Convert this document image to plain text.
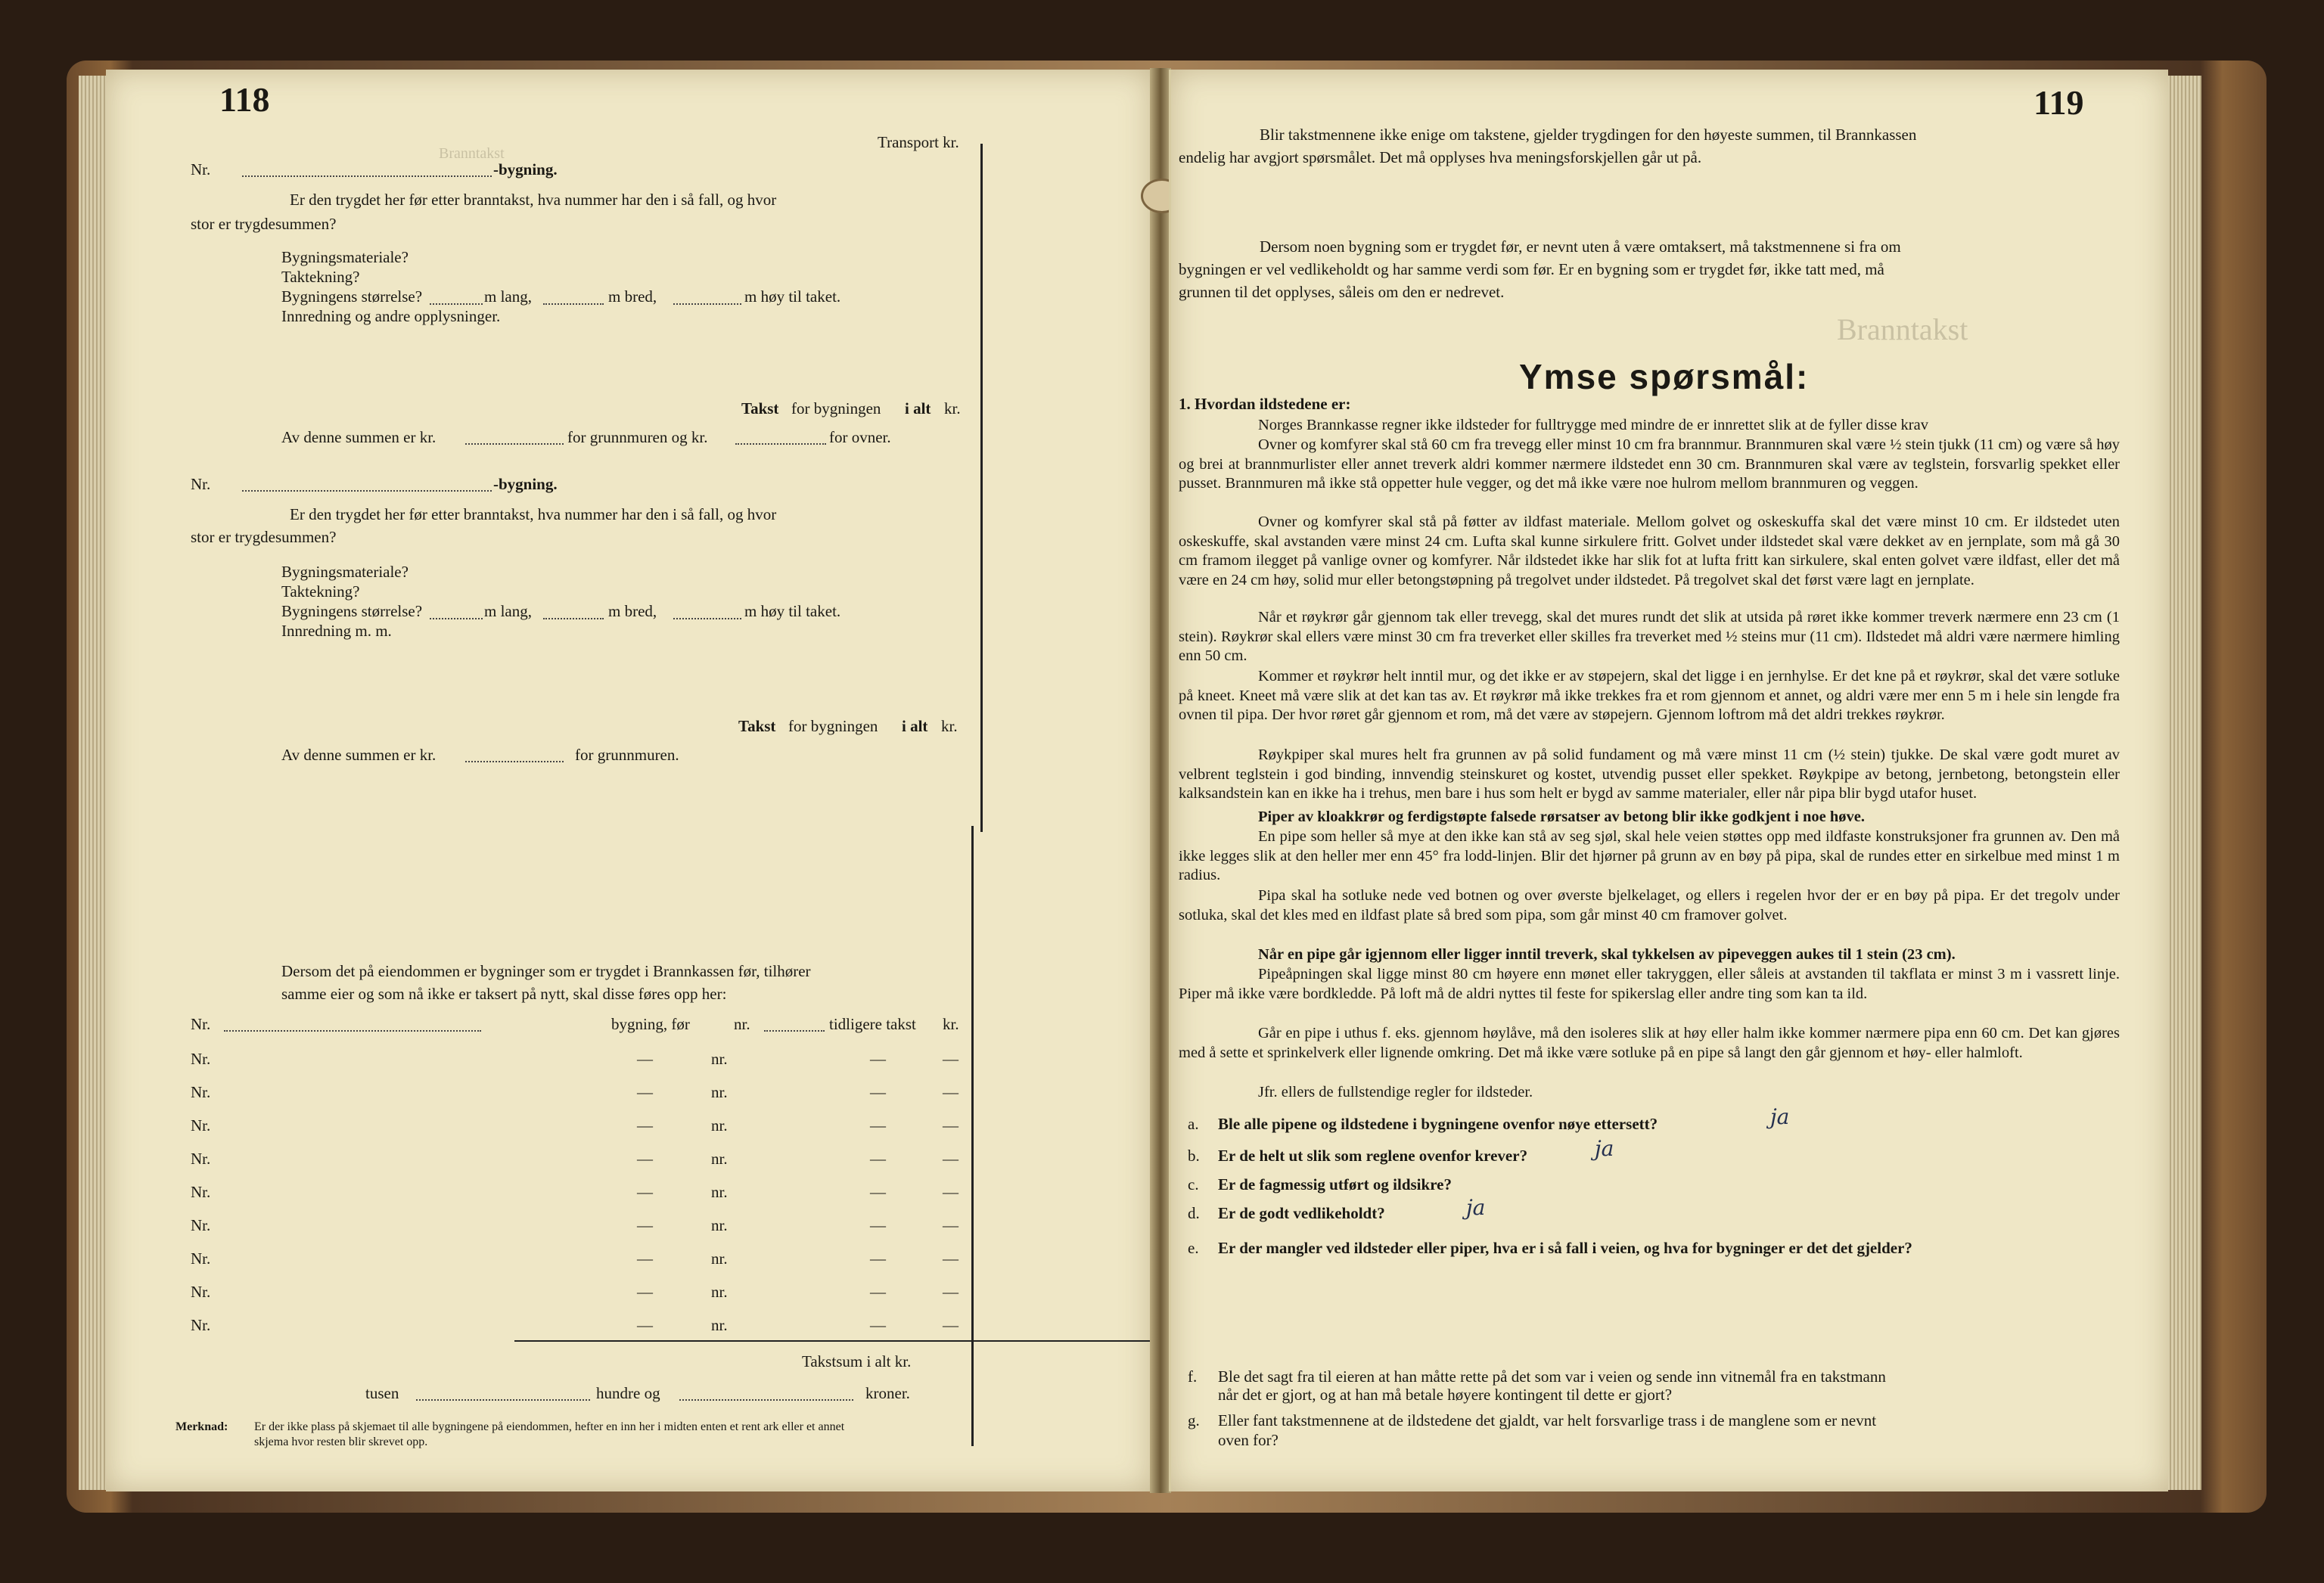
Branntakst
118
Transport kr.
Nr.	-bygning.
Er den trygdet her før etter branntakst, hva nummer har den i så fall, og hvor
stor er trygdesummen?
Bygningsmateriale?
Taktekning?
Bygningens størrelse?	m lang,	m bred,	m høy til taket.
Innredning og andre opplysninger.
Takst for bygningen i alt kr.
Av denne summen er kr.	for grunnmuren og kr.	for ovner.
Nr.	-bygning.
Er den trygdet her før etter branntakst, hva nummer har den i så fall, og hvor
stor er trygdesummen?
Bygningsmateriale?
Taktekning?
Bygningens størrelse?	m lang,	m bred,	m høy til taket.
Innredning m. m.
Takst for bygningen i alt kr.
Av denne summen er kr.	for grunnmuren.
Dersom det på eiendommen er bygninger som er trygdet i Brannkassen før, tilhører
samme eier og som nå ikke er taksert på nytt, skal disse føres opp her:
Nr.	bygning, før	nr.	tidligere takst kr.
Nr.	—	nr.	—	—
Nr.	—	nr.	—	—
Nr.	—	nr.	—	—
Nr.	—	nr.	—	—
Nr.	—	nr.	—	—
Nr.	—	nr.	—	—
Nr.	—	nr.	—	—
Nr.	—	nr.	—	—
Nr.	—	nr.	—	—
Takstsum i alt kr.
tusen	hundre og	kroner.
Merknad: Er der ikke plass på skjemaet til alle bygningene på eiendommen, hefter en inn her i midten enten et rent ark eller et annet
skjema hvor resten blir skrevet opp.
Branntakst
119
Blir takstmennene ikke enige om takstene, gjelder trygdingen for den høyeste summen, til Brannkassen
endelig har avgjort spørsmålet. Det må opplyses hva meningsforskjellen går ut på.
Dersom noen bygning som er trygdet før, er nevnt uten å være omtaksert, må takstmennene si fra om
bygningen er vel vedlikeholdt og har samme verdi som før. Er en bygning som er trygdet før, ikke tatt med, må
grunnen til det opplyses, såleis om den er nedrevet.
Ymse spørsmål:
1. Hvordan ildstedene er:
Norges Brannkasse regner ikke ildsteder for fulltrygge med mindre de er innrettet slik at de fyller disse krav
Ovner og komfyrer skal stå 60 cm fra trevegg eller minst 10 cm fra brannmur. Brannmuren skal være ½ stein tjukk (11 cm) og være så høy og brei at brannmurlister eller annet treverk aldri kommer nærmere ildstedet enn 30 cm. Brannmuren skal være av teglstein, forsvarlig spekket eller pusset. Brannmuren må ikke stå oppetter hule vegger, og det må ikke være noe hulrom mellom brannmuren og veggen.
Ovner og komfyrer skal stå på føtter av ildfast materiale. Mellom golvet og oskeskuffa skal det være minst 10 cm. Er ildstedet uten oskeskuffe, skal avstanden være minst 24 cm. Lufta skal kunne sirkulere fritt. Golvet under ildstedet skal være dekket av en jernplate, som må gå 30 cm framom ilegget på vanlige ovner og komfyrer. Når ildstedet ikke har slik fot at lufta fritt kan sirkulere, skal enten golvet være ildfast, eller det må være en 24 cm høy, solid mur eller betongstøpning på tregolvet under ildstedet. På tregolvet skal det først være lagt en jernplate.
Når et røykrør går gjennom tak eller trevegg, skal det mures rundt det slik at utsida på røret ikke kommer treverk nærmere enn 23 cm (1 stein). Røykrør skal ellers være minst 30 cm fra treverket eller skilles fra treverket med ½ steins mur (11 cm). Ildstedet må aldri være nærmere himling enn 50 cm.
Kommer et røykrør helt inntil mur, og det ikke er av støpejern, skal det ligge i en jernhylse. Er det kne på et røykrør, skal det være sotluke på kneet. Kneet må være slik at det kan tas av. Et røykrør må ikke trekkes fra et rom gjennom et annet, og aldri være mer enn 5 m i hele sin lengde fra ovnen til pipa. Der hvor røret går gjennom et rom, må det være av støpejern. Gjennom loftrom må det aldri trekkes røykrør.
Røykpiper skal mures helt fra grunnen av på solid fundament og må være minst 11 cm (½ stein) tjukke. De skal være godt muret av velbrent teglstein i god binding, innvendig steinskuret og kostet, utvendig pusset eller spekket. Røykpipe av betong, jernbetong, betongstein eller kalksandstein kan en ikke ha i trehus, men bare i hus som helt er bygd av samme materialer, eller når pipa blir bygd utafor huset.
Piper av kloakkrør og ferdigstøpte falsede rørsatser av betong blir ikke godkjent i noe høve.
En pipe som heller så mye at den ikke kan stå av seg sjøl, skal hele veien støttes opp med ildfaste konstruksjoner fra grunnen av. Den må ikke legges slik at den heller mer enn 45° fra lodd-linjen. Blir det hjørner på grunn av en bøy på pipa, skal de rundes etter en sirkelbue med minst 1 m radius.
Pipa skal ha sotluke nede ved botnen og over øverste bjelkelaget, og ellers i regelen hvor der er en bøy på pipa. Er det tregolv under sotluka, skal det kles med en ildfast plate så bred som pipa, som går minst 40 cm framover golvet.
Når en pipe går igjennom eller ligger inntil treverk, skal tykkelsen av pipeveggen aukes til 1 stein (23 cm).
Pipeåpningen skal ligge minst 80 cm høyere enn mønet eller takryggen, eller såleis at avstanden til takflata er minst 3 m i vassrett linje. Piper må ikke være bordkledde. På loft må de aldri nyttes til feste for spikerslag eller andre ting som kan ta ild.
Går en pipe i uthus f. eks. gjennom høylåve, må den isoleres slik at høy eller halm ikke kommer nærmere pipa enn 60 cm. Det kan gjøres med å sette et sprinkelverk eller lignende omkring. Det må ikke være sotluke på en pipe så langt den går gjennom et høy- eller halmloft.
Jfr. ellers de fullstendige regler for ildsteder.
a. Ble alle pipene og ildstedene i bygningene ovenfor nøye ettersett?	ja
b. Er de helt ut slik som reglene ovenfor krever?	ja
c. Er de fagmessig utført og ildsikre?
d. Er de godt vedlikeholdt?	ja
e. Er der mangler ved ildsteder eller piper, hva er i så fall i veien, og hva for bygninger er det det gjelder?
f. Ble det sagt fra til eieren at han måtte rette på det som var i veien og sende inn vitnemål fra en takstmann
når det er gjort, og at han må betale høyere kontingent til dette er gjort?
g. Eller fant takstmennene at de ildstedene det gjaldt, var helt forsvarlige trass i de manglene som er nevnt
oven for?
